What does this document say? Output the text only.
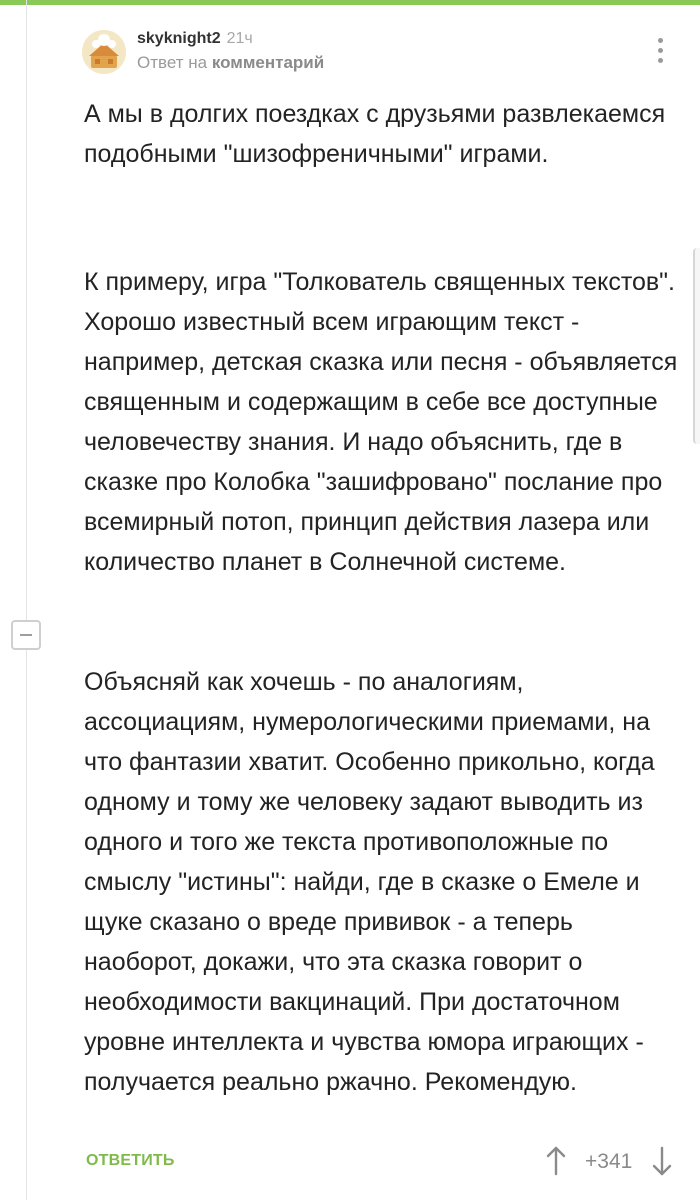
skyknight2 21ч
Ответ на комментарий

А мы в долгих поездках с друзьями развлекаемся подобными "шизофреничными" играми.

К примеру, игра "Толкователь священных текстов". Хорошо известный всем играющим текст - например, детская сказка или песня - объявляется священным и содержащим в себе все доступные человечеству знания. И надо объяснить, где в сказке про Колобка "зашифровано" послание про всемирный потоп, принцип действия лазера или количество планет в Солнечной системе.

Объясняй как хочешь - по аналогиям, ассоциациям, нумерологическими приемами, на что фантазии хватит. Особенно прикольно, когда одному и тому же человеку задают выводить из одного и того же текста противоположные по смыслу "истины": найди, где в сказке о Емеле и щуке сказано о вреде прививок - а теперь наоборот, докажи, что эта сказка говорит о необходимости вакцинаций. При достаточном уровне интеллекта и чувства юмора играющих - получается реально ржачно. Рекомендую.

ОТВЕТИТЬ	+341
